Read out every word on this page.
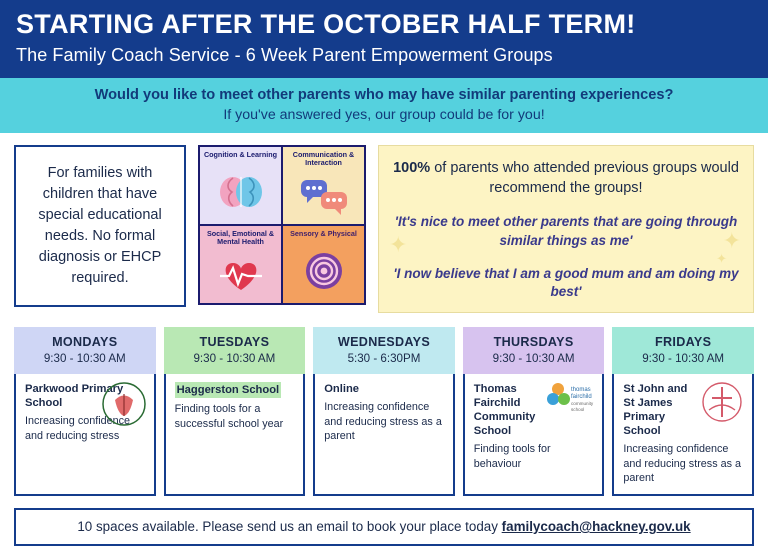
STARTING AFTER THE OCTOBER HALF TERM!
The Family Coach Service - 6 Week Parent Empowerment Groups
Would you like to meet other parents who may have similar parenting experiences?
If you've answered yes, our group could be for you!
For families with children that have special educational needs. No formal diagnosis or EHCP required.
Cognition & Learning	Communication & Interaction
Social, Emotional & Mental Health
Sensory & Physical
100% of parents who attended previous groups would recommend the groups!
'It's nice to meet other parents that are going through similar things as me'
'I now believe that I am a good mum and am doing my best'
✦	✦
✦
MONDAYS
9:30 - 10:30 AM
Parkwood Primary School
Increasing confidence and reducing stress
TUESDAYS
9:30 - 10:30 AM
Haggerston School
Finding tools for a successful school year
WEDNESDAYS
5:30 - 6:30PM
Online
Increasing confidence and reducing stress as a parent
THURSDAYS
9:30 - 10:30 AM
Thomas Fairchild Community School
Finding tools for behaviour
thomas
fairchild
community
school
FRIDAYS
9:30 - 10:30 AM
St John and St James Primary School
Increasing confidence and reducing stress as a parent
10 spaces available. Please send us an email to book your place today familycoach@hackney.gov.uk
